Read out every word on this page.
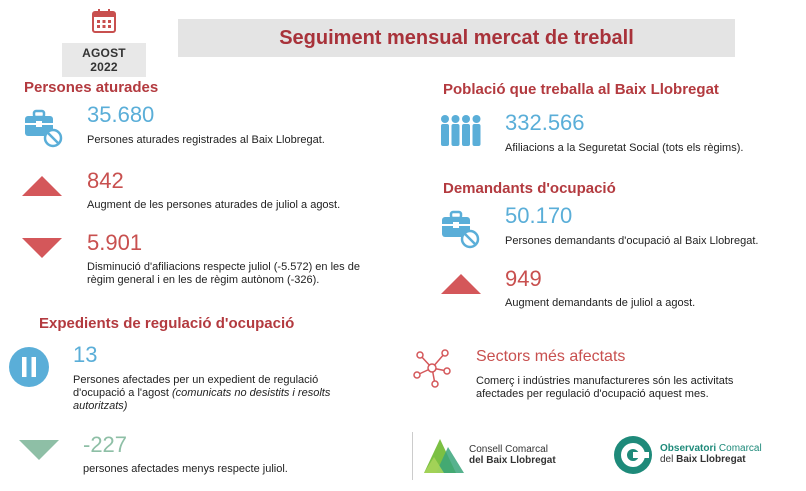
AGOST 2022
Seguiment mensual mercat de treball
Persones aturades
35.680
Persones aturades registrades al Baix Llobregat.
842
Augment de les persones aturades de juliol a agost.
5.901
Disminució d'afiliacions respecte juliol (-5.572) en les de règim general i en les de règim autònom (-326).
Població que treballa al Baix Llobregat
332.566
Afiliacions a la Seguretat Social (tots els règims).
Demandants d'ocupació
50.170
Persones demandants d'ocupació al Baix Llobregat.
949
Augment demandants de juliol a agost.
Expedients de regulació d'ocupació
13
Persones afectades per un expedient de regulació d'ocupació a l'agost (comunicats no desistits i resolts autoritzats)
-227
persones afectades menys respecte juliol.
Sectors més afectats
Comerç i indústries manufactureres són les activitats afectades per regulació d'ocupació aquest mes.
Consell Comarcal
del Baix Llobregat
Observatori Comarcal
del Baix Llobregat
